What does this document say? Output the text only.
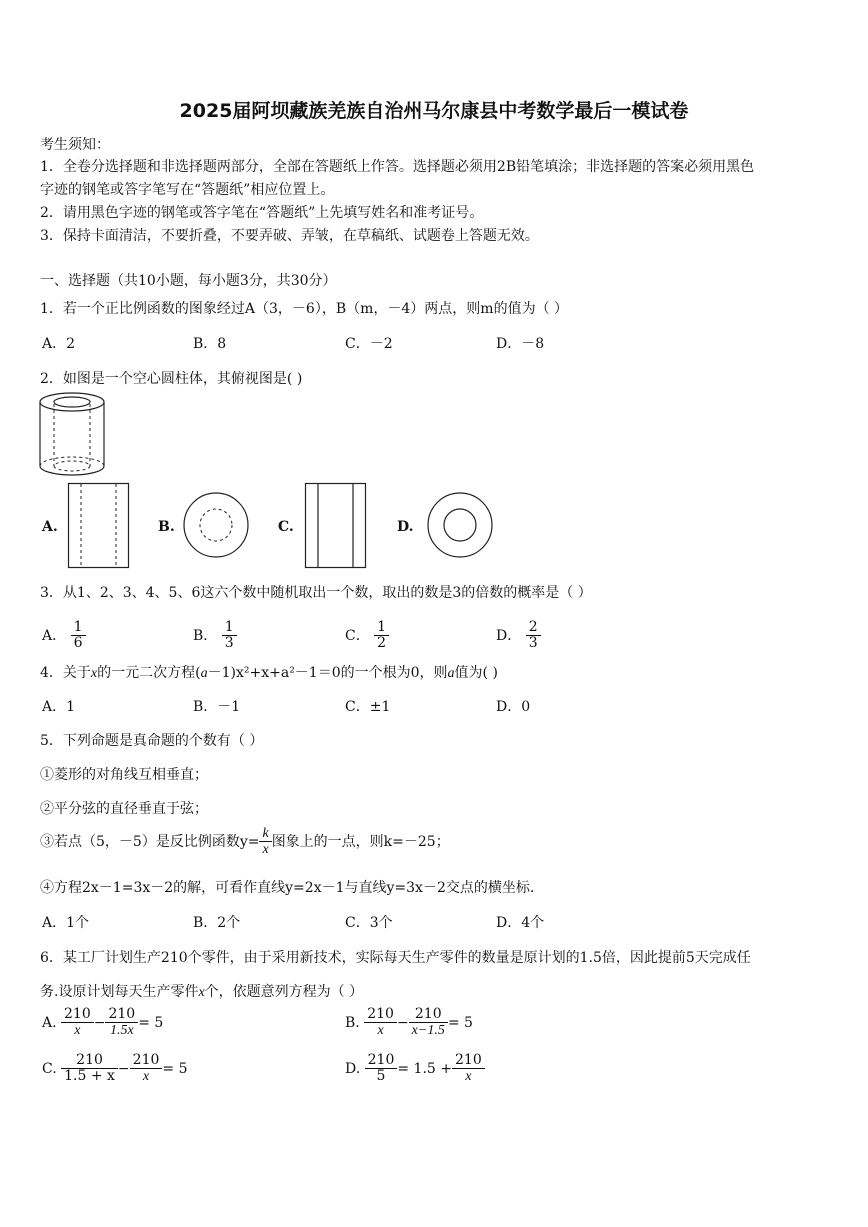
2025届阿坝藏族羌族自治州马尔康县中考数学最后一模试卷
考生须知：
1．全卷分选择题和非选择题两部分，全部在答题纸上作答。选择题必须用2B铅笔填涂；非选择题的答案必须用黑色
字迹的钢笔或答字笔写在“答题纸”相应位置上。
2．请用黑色字迹的钢笔或答字笔在“答题纸”上先填写姓名和准考证号。
3．保持卡面清洁，不要折叠，不要弄破、弄皱，在草稿纸、试题卷上答题无效。
一、选择题（共10小题，每小题3分，共30分）
1．若一个正比例函数的图象经过A（3，－6），B（m，－4）两点，则m的值为（ ）
A．2	B．8	C．－2	D．－8
2．如图是一个空心圆柱体，其俯视图是( )
A.	B.	C.	D.
3．从1、2、3、4、5、6这六个数中随机取出一个数，取出的数是3的倍数的概率是（ ）
A． $\frac{1}{6}$	B． $\frac{1}{3}$	C． $\frac{1}{2}$	D． $\frac{2}{3}$
4．关于x的一元二次方程(a－1)x²+x+a²－1＝0的一个根为0，则a值为( )
A．1	B．－1	C．±1	D．0
5．下列命题是真命题的个数有（ ）
①菱形的对角线互相垂直；
②平分弦的直径垂直于弦；
③若点（5，－5）是反比例函数$y= \frac{k}{x}$ 图象上的一点，则k=－25；
④方程2x－1=3x－2的解，可看作直线y=2x－1与直线y=3x－2交点的横坐标.
A．1个	B．2个	C．3个	D．4个
6．某工厂计划生产210个零件，由于采用新技术，实际每天生产零件的数量是原计划的1.5倍，因此提前5天完成任
务.设原计划每天生产零件x个，依题意列方程为（ ）
A. $\frac{210}{x} - \frac{210}{1.5x} = 5$	B. $\frac{210}{x} - \frac{210}{x-1.5} = 5$
C. $\frac{210}{1.5 + x} - \frac{210}{x} = 5$	D. $\frac{210}{5} = 1.5 + \frac{210}{x}$
